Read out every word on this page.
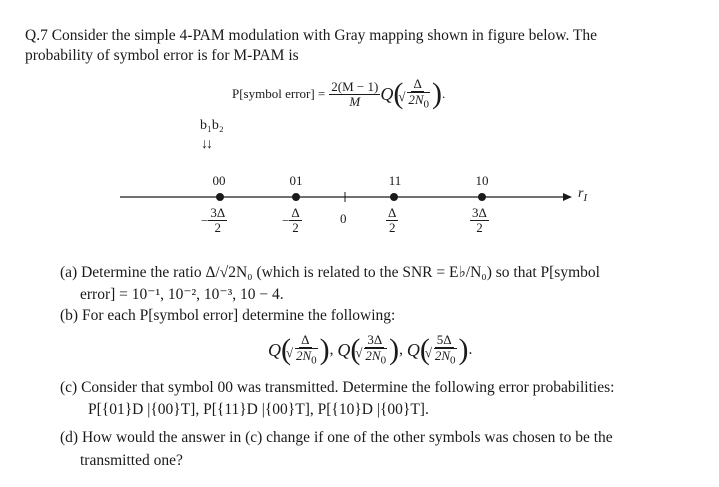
Q.7 Consider the simple 4-PAM modulation with Gray mapping shown in figure below. The
probability of symbol error is for M-PAM is
P[symbol error] = $\frac{2(M - 1)}{M}$ Q ( Δ
√ $2N_0$ ) .
b₁b₂
↓↓
00	01	11	10
$r_I$
− $\frac{3\Delta}{2}$	− $\frac{\Delta}{2}$	0	$\frac{\Delta}{2}$	$\frac{3\Delta}{2}$
(a) Determine the ratio Δ/√2N₀ (which is related to the SNR = E♭/N₀) so that P[symbol
error] = 10⁻¹, 10⁻², 10⁻³, 10 − 4.
(b) For each P[symbol error] determine the following:
Q ( Δ
√ $2N_0$ ) ,
Q ( 3Δ
√ $2N_0$ ) ,
Q ( 5Δ
√ $2N_0$ ) .
(c) Consider that symbol 00 was transmitted. Determine the following error probabilities:
P[{01}D |{00}T], P[{11}D |{00}T], P[{10}D |{00}T].
(d) How would the answer in (c) change if one of the other symbols was chosen to be the
transmitted one?
